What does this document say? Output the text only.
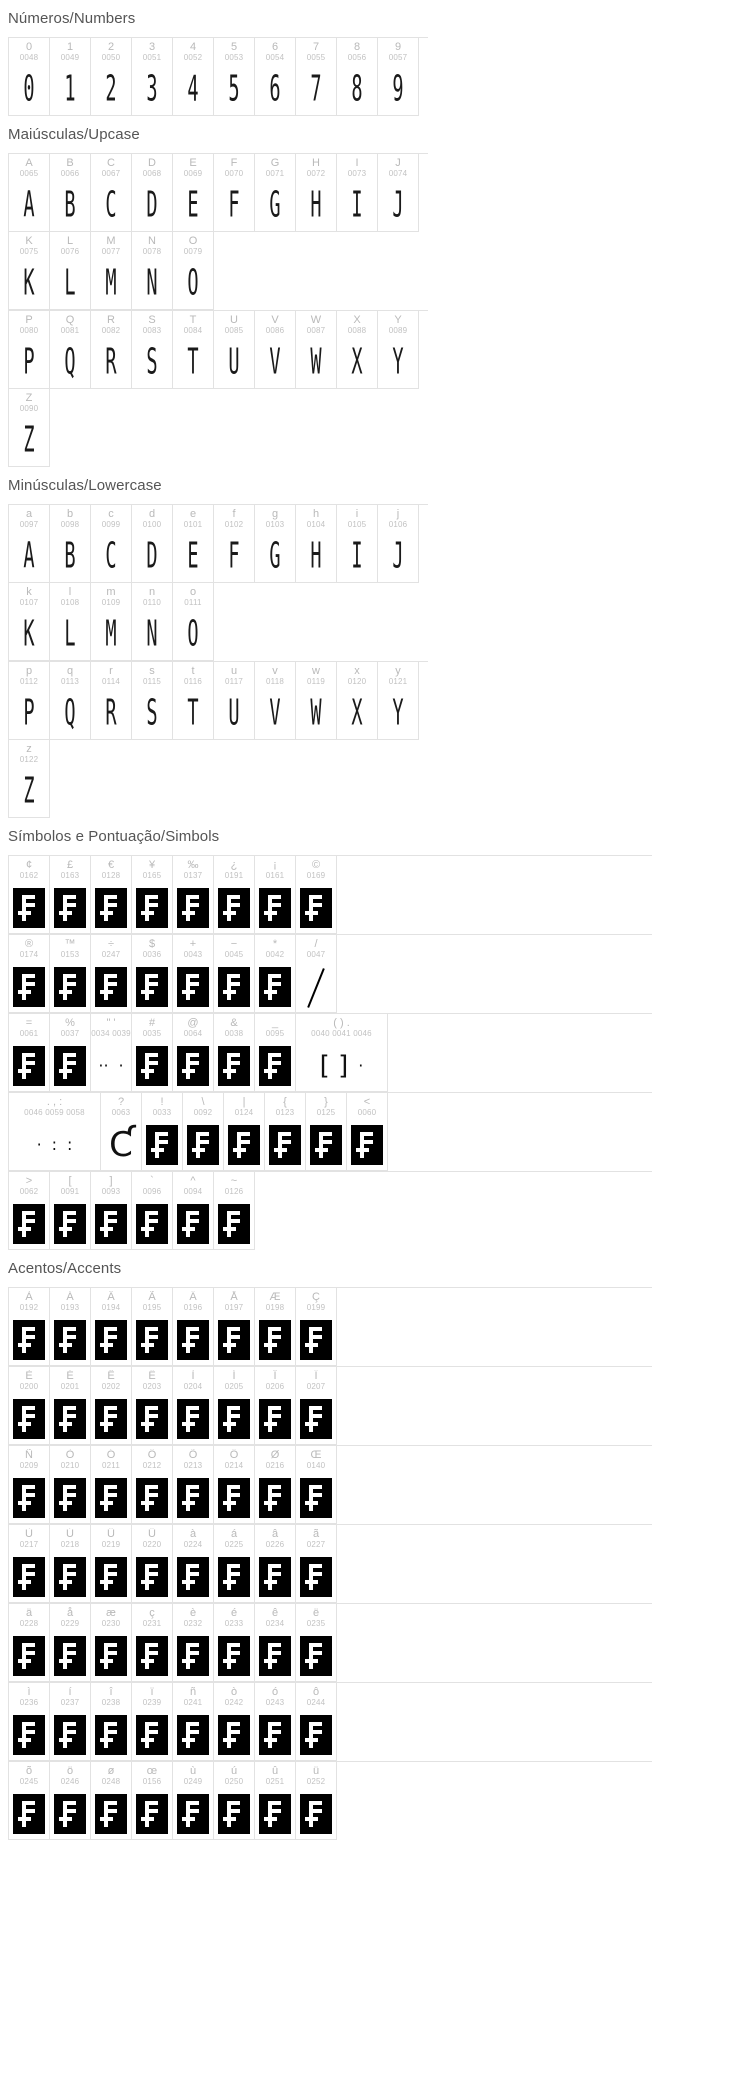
Números/Numbers
0
0048
0
1
0049
1
2
0050
2
3
0051
3
4
0052
4
5
0053
5
6
0054
6
7
0055
7
8
0056
8
9
0057
9
Maiúsculas/Upcase
A
0065
A
B
0066
B
C
0067
C
D
0068
D
E
0069
E
F
0070
F
G
0071
G
H
0072
H
I
0073
I
J
0074
J
K
0075
K
L
0076
L
M
0077
M
N
0078
N
O
0079
O
P
0080
P
Q
0081
Q
R
0082
R
S
0083
S
T
0084
T
U
0085
U
V
0086
V
W
0087
W
X
0088
X
Y
0089
Y
Z
0090
Z
Minúsculas/Lowercase
a
0097
A
b
0098
B
c
0099
C
d
0100
D
e
0101
E
f
0102
F
g
0103
G
h
0104
H
i
0105
I
j
0106
J
k
0107
K
l
0108
L
m
0109
M
n
0110
N
o
0111
O
p
0112
P
q
0113
Q
r
0114
R
s
0115
S
t
0116
T
u
0117
U
v
0118
V
w
0119
W
x
0120
X
y
0121
Y
z
0122
Z
Símbolos e Pontuação/Simbols
¢
0162
£
0163
€
0128
¥
0165
‰
0137
¿
0191
¡
0161
©
0169
®
0174
™
0153
÷
0247
$
0036
+
0043
−
0045
*
0042
/
0047
=
0061
%
0037
" '
0034 0039
·· ·
#
0035
@
0064
&
0038
_
0095
( ) .
0040 0041 0046
[ ] ·
. , :
0046 0059 0058
· : :
?
0063
Ƈ
!
0033
\
0092
|
0124
{
0123
}
0125
<
0060
>
0062
[
0091
]
0093
`
0096
^
0094
~
0126
Acentos/Accents
À
0192
Á
0193
Â
0194
Ã
0195
Ä
0196
Å
0197
Æ
0198
Ç
0199
È
0200
É
0201
Ê
0202
Ë
0203
Ì
0204
Í
0205
Î
0206
Ï
0207
Ñ
0209
Ò
0210
Ó
0211
Ô
0212
Õ
0213
Ö
0214
Ø
0216
Œ
0140
Ù
0217
Ú
0218
Û
0219
Ü
0220
à
0224
á
0225
â
0226
ã
0227
ä
0228
å
0229
æ
0230
ç
0231
è
0232
é
0233
ê
0234
ë
0235
ì
0236
í
0237
î
0238
ï
0239
ñ
0241
ò
0242
ó
0243
ô
0244
õ
0245
ö
0246
ø
0248
œ
0156
ù
0249
ú
0250
û
0251
ü
0252
